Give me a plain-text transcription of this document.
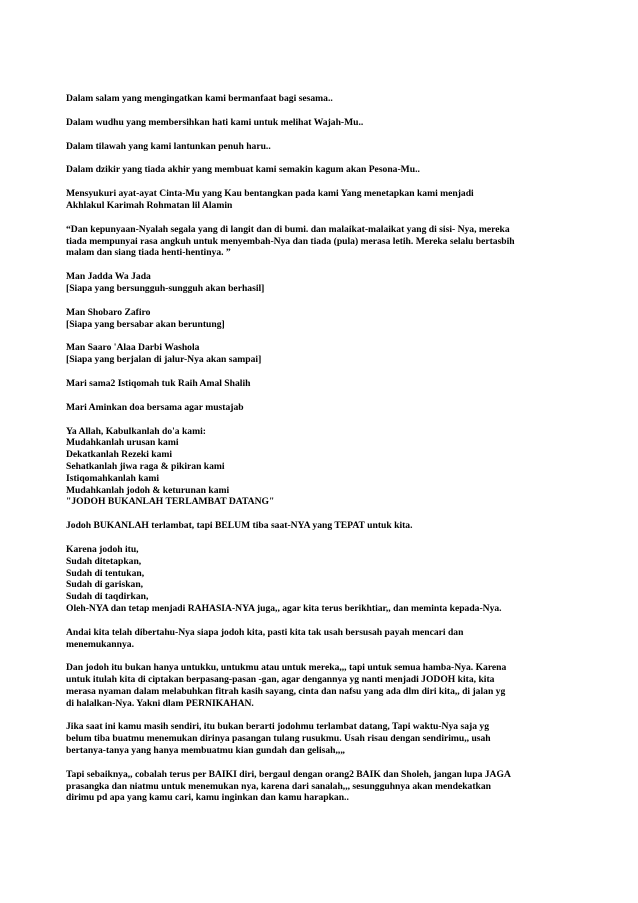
Dalam salam yang mengingatkan kami bermanfaat bagi sesama..
Dalam wudhu yang membersihkan hati kami untuk melihat Wajah-Mu..
Dalam tilawah yang kami lantunkan penuh haru..
Dalam dzikir yang tiada akhir yang membuat kami semakin kagum akan Pesona-Mu..
Mensyukuri ayat-ayat Cinta-Mu yang Kau bentangkan pada kami Yang menetapkan kami menjadi
Akhlakul Karimah Rohmatan lil Alamin
“Dan kepunyaan-Nyalah segala yang di langit dan di bumi. dan malaikat-malaikat yang di sisi- Nya, mereka
tiada mempunyai rasa angkuh untuk menyembah-Nya dan tiada (pula) merasa letih. Mereka selalu bertasbih
malam dan siang tiada henti-hentinya. ”
Man Jadda Wa Jada
[Siapa yang bersungguh-sungguh akan berhasil]
Man Shobaro Zafiro
[Siapa yang bersabar akan beruntung]
Man Saaro 'Alaa Darbi Washola
[Siapa yang berjalan di jalur-Nya akan sampai]
Mari sama2 Istiqomah tuk Raih Amal Shalih
Mari Aminkan doa bersama agar mustajab
Ya Allah, Kabulkanlah do'a kami:
Mudahkanlah urusan kami
Dekatkanlah Rezeki kami
Sehatkanlah jiwa raga & pikiran kami
Istiqomahkanlah kami
Mudahkanlah jodoh & keturunan kami
"JODOH BUKANLAH TERLAMBAT DATANG"
Jodoh BUKANLAH terlambat, tapi BELUM tiba saat-NYA yang TEPAT untuk kita.
Karena jodoh itu,
Sudah ditetapkan,
Sudah di tentukan,
Sudah di gariskan,
Sudah di taqdirkan,
Oleh-NYA dan tetap menjadi RAHASIA-NYA juga,, agar kita terus berikhtiar,, dan meminta kepada-Nya.
Andai kita telah dibertahu-Nya siapa jodoh kita, pasti kita tak usah bersusah payah mencari dan
menemukannya.
Dan jodoh itu bukan hanya untukku, untukmu atau untuk mereka,,, tapi untuk semua hamba-Nya. Karena
untuk itulah kita di ciptakan berpasang-pasan -gan, agar dengannya yg nanti menjadi JODOH kita, kita
merasa nyaman dalam melabuhkan fitrah kasih sayang, cinta dan nafsu yang ada dlm diri kita,, di jalan yg
di halalkan-Nya. Yakni dlam PERNIKAHAN.
Jika saat ini kamu masih sendiri, itu bukan berarti jodohmu terlambat datang, Tapi waktu-Nya saja yg
belum tiba buatmu menemukan dirinya pasangan tulang rusukmu. Usah risau dengan sendirimu,, usah
bertanya-tanya yang hanya membuatmu kian gundah dan gelisah,,„
Tapi sebaiknya,, cobalah terus per BAIKI diri, bergaul dengan orang2 BAIK dan Sholeh, jangan lupa JAGA
prasangka dan niatmu untuk menemukan nya, karena dari sanalah,,, sesungguhnya akan mendekatkan
dirimu pd apa yang kamu cari, kamu inginkan dan kamu harapkan..
